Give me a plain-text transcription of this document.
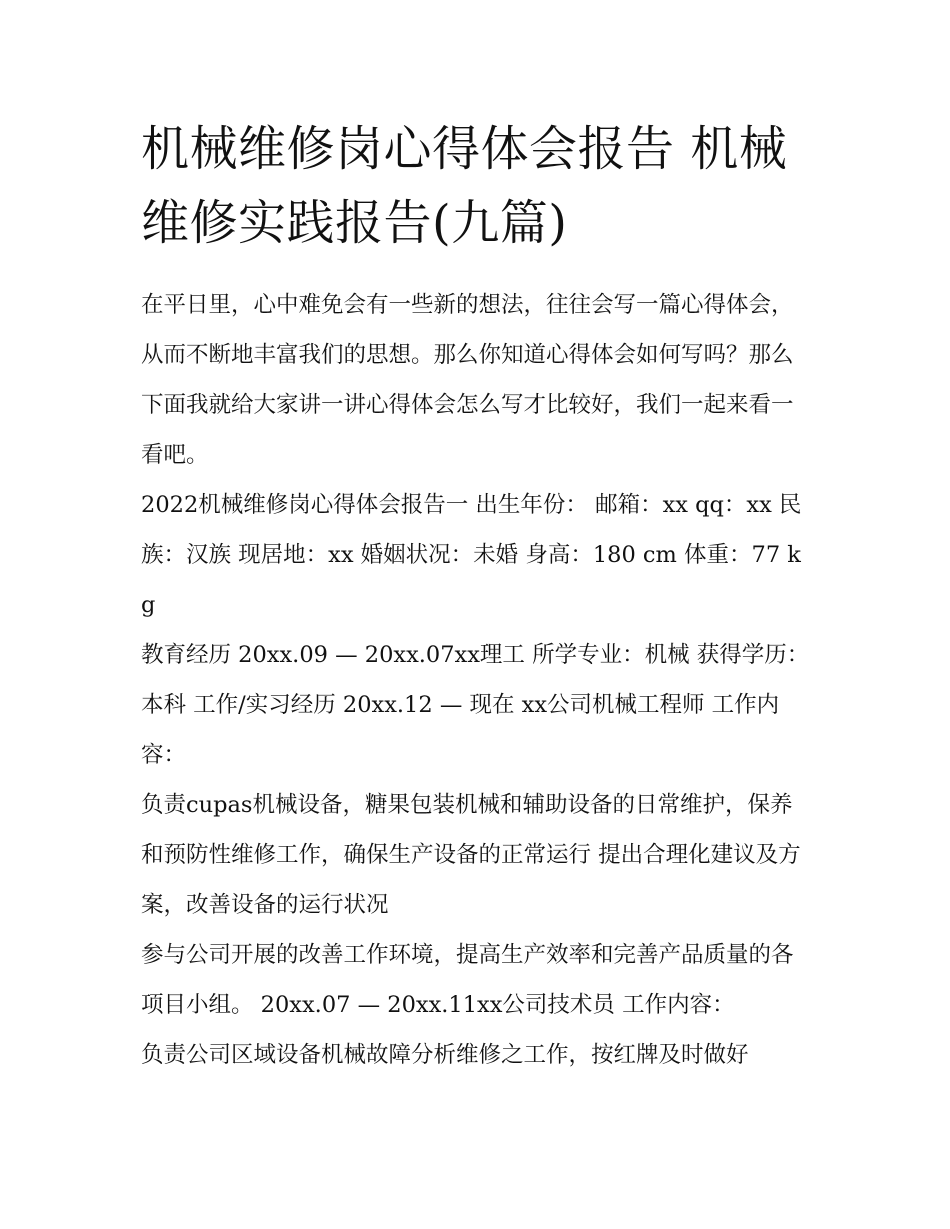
机械维修岗心得体会报告 机械维修实践报告(九篇)

在平日里，心中难免会有一些新的想法，往往会写一篇心得体会，从而不断地丰富我们的思想。那么你知道心得体会如何写吗？那么下面我就给大家讲一讲心得体会怎么写才比较好，我们一起来看一看吧。

2022机械维修岗心得体会报告一 出生年份： 邮箱：xx qq：xx 民族：汉族 现居地：xx 婚姻状况：未婚 身高：180 cm 体重：77 kg

教育经历 20xx.09 — 20xx.07xx理工 所学专业：机械 获得学历：本科 工作/实习经历 20xx.12 — 现在 xx公司机械工程师 工作内容：

负责cupas机械设备，糖果包装机械和辅助设备的日常维护，保养和预防性维修工作，确保生产设备的正常运行 提出合理化建议及方案，改善设备的运行状况

参与公司开展的改善工作环境，提高生产效率和完善产品质量的各项目小组。 20xx.07 — 20xx.11xx公司技术员 工作内容：

负责公司区域设备机械故障分析维修之工作，按红牌及时做好
